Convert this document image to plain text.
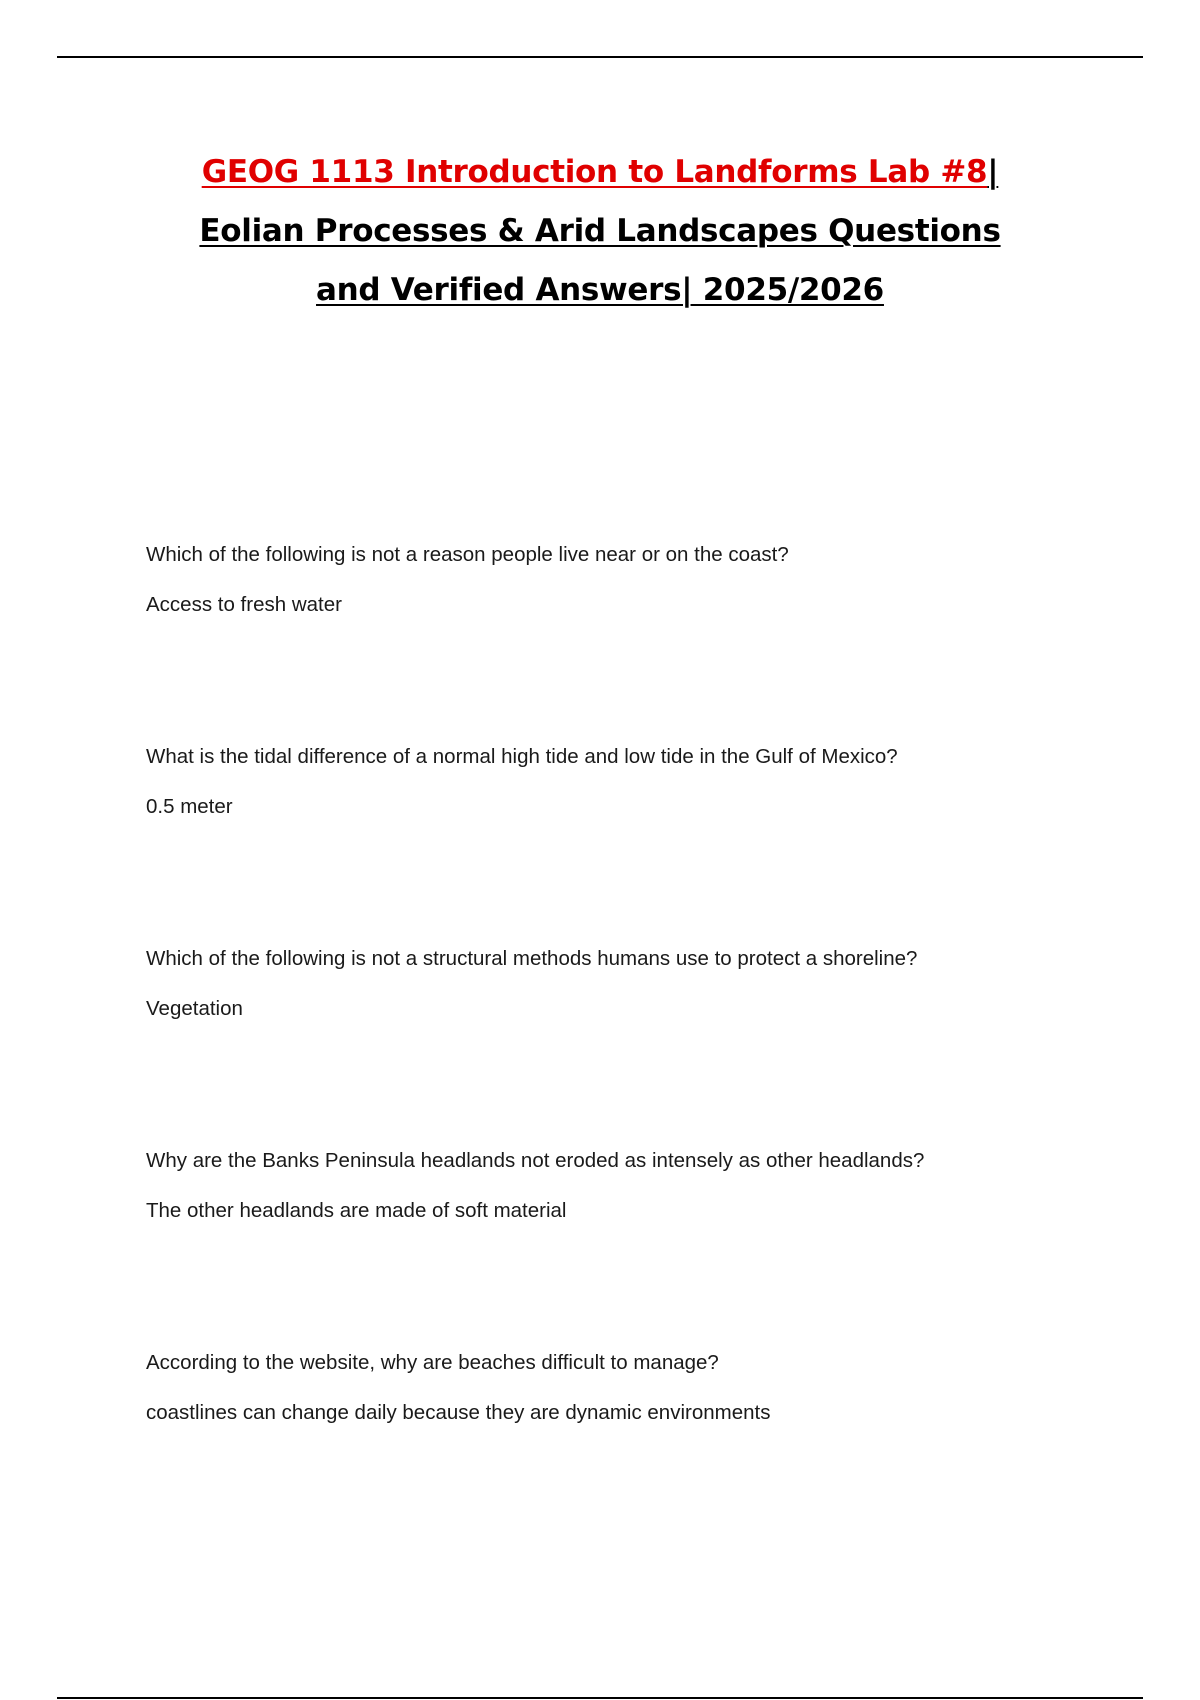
GEOG 1113 Introduction to Landforms Lab #8|
Eolian Processes & Arid Landscapes Questions
and Verified Answers| 2025/2026

Which of the following is not a reason people live near or on the coast?

Access to fresh water

What is the tidal difference of a normal high tide and low tide in the Gulf of Mexico?

0.5 meter

Which of the following is not a structural methods humans use to protect a shoreline?

Vegetation

Why are the Banks Peninsula headlands not eroded as intensely as other headlands?

The other headlands are made of soft material

According to the website, why are beaches difficult to manage?

coastlines can change daily because they are dynamic environments
